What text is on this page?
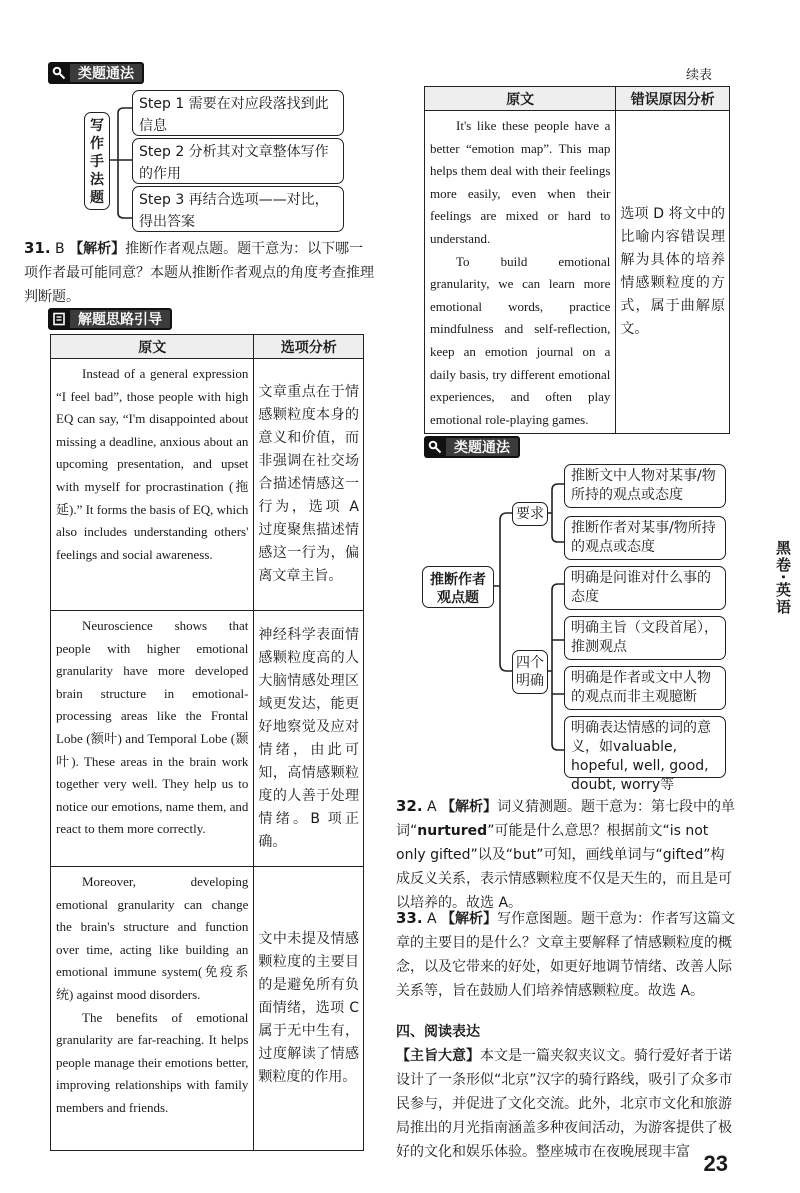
类题通法
写
作
手
法
题
Step 1 需要在对应段落找到此信息
Step 2 分析其对文章整体写作的作用
Step 3 再结合选项——对比，得出答案
31. B 【解析】推断作者观点题。题干意为：以下哪一项作者最可能同意？本题从推断作者观点的角度考查推理判断题。
解题思路引导
原文	选项分析

Instead of a general expression “I feel bad”, those people with high EQ can say, “I'm disappointed about missing a deadline, anxious about an upcoming presentation, and upset with myself for procrastination (拖延).” It forms the basis of EQ, which also includes understanding others' feelings and social awareness.	文章重点在于情感颗粒度本身的意义和价值，而非强调在社交场合描述情感这一行为，选项 A 过度聚焦描述情感这一行为，偏离文章主旨。

Neuroscience shows that people with higher emotional granularity have more developed brain structure in emotional-processing areas like the Frontal Lobe (额叶) and Temporal Lobe (颞叶). These areas in the brain work together very well. They help us to notice our emotions, name them, and react to them more correctly.	神经科学表面情感颗粒度高的人大脑情感处理区域更发达，能更好地察觉及应对情绪，由此可知，高情感颗粒度的人善于处理情绪。B 项正确。

Moreover, developing emotional granularity can change the brain's structure and function over time, acting like building an emotional immune system(免疫系统) against mood disorders.

The benefits of emotional granularity are far-reaching. It helps people manage their emotions better, improving relationships with family members and friends.	文中未提及情感颗粒度的主要目的是避免所有负面情绪，选项 C 属于无中生有，过度解读了情感颗粒度的作用。
续表
原文	错误原因分析

It's like these people have a better “emotion map”. This map helps them deal with their feelings more easily, even when their feelings are mixed or hard to understand.

To build emotional granularity, we can learn more emotional words, practice mindfulness and self-reflection, keep an emotion journal on a daily basis, try different emotional experiences, and often play emotional role-playing games.	选项 D 将文中的比喻内容错误理解为具体的培养情感颗粒度的方式，属于曲解原文。
类题通法
推断作者
观点题
要求
四个
明确
推断文中人物对某事/物所持的观点或态度
推断作者对某事/物所持的观点或态度
明确是问谁对什么事的态度
明确主旨（文段首尾），推测观点
明确是作者或文中人物的观点而非主观臆断
明确表达情感的词的意义，如valuable, hopeful, well, good, doubt, worry等
32. A 【解析】词义猜测题。题干意为：第七段中的单词“nurtured”可能是什么意思？根据前文“is not only gifted”以及“but”可知，画线单词与“gifted”构成反义关系，表示情感颗粒度不仅是天生的，而且是可以培养的。故选 A。
33. A 【解析】写作意图题。题干意为：作者写这篇文章的主要目的是什么？文章主要解释了情感颗粒度的概念，以及它带来的好处，如更好地调节情绪、改善人际关系等，旨在鼓励人们培养情感颗粒度。故选 A。
四、阅读表达
【主旨大意】本文是一篇夹叙夹议文。骑行爱好者于诺设计了一条形似“北京”汉字的骑行路线，吸引了众多市民参与，并促进了文化交流。此外，北京市文化和旅游局推出的月光指南涵盖多种夜间活动，为游客提供了极好的文化和娱乐体验。整座城市在夜晚展现丰富
黑卷·英语
23
